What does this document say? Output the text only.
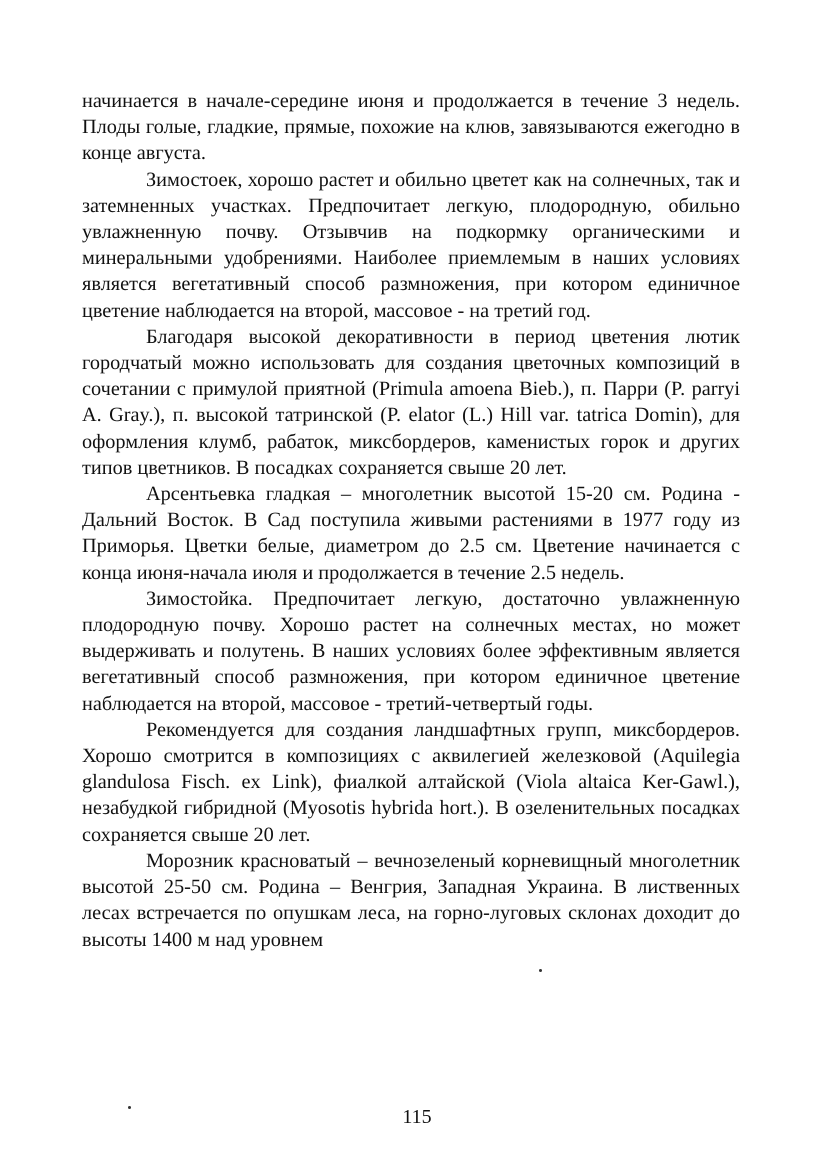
начинается в начале-середине июня и продолжается в течение 3 недель. Плоды голые, гладкие, прямые, похожие на клюв, завязываются ежегодно в конце августа.

Зимостоек, хорошо растет и обильно цветет как на солнечных, так и затемненных участках. Предпочитает легкую, плодородную, обильно увлажненную почву. Отзывчив на подкормку органическими и минеральными удобрениями. Наиболее приемлемым в наших условиях является вегетативный способ размножения, при котором единичное цветение наблюдается на второй, массовое - на третий год.

Благодаря высокой декоративности в период цветения лютик городчатый можно использовать для создания цветочных композиций в сочетании с примулой приятной (Primula amoena Bieb.), п. Парри (P. parryi A. Gray.), п. высокой татринской (P. elator (L.) Hill var. tatrica Domin), для оформления клумб, рабаток, миксбордеров, каменистых горок и других типов цветников. В посадках сохраняется свыше 20 лет.

Арсентьевка гладкая – многолетник высотой 15-20 см. Родина - Дальний Восток. В Сад поступила живыми растениями в 1977 году из Приморья. Цветки белые, диаметром до 2.5 см. Цветение начинается с конца июня-начала июля и продолжается в течение 2.5 недель.

Зимостойка. Предпочитает легкую, достаточно увлажненную плодородную почву. Хорошо растет на солнечных местах, но может выдерживать и полутень. В наших условиях более эффективным является вегетативный способ размножения, при котором единичное цветение наблюдается на второй, массовое - третий-четвертый годы.

Рекомендуется для создания ландшафтных групп, миксбордеров. Хорошо смотрится в композициях с аквилегией железковой (Aquilegia glandulosa Fisch. ex Link), фиалкой алтайской (Viola altaica Ker-Gawl.), незабудкой гибридной (Myosotis hybrida hort.). В озеленительных посадках сохраняется свыше 20 лет.

Морозник красноватый – вечнозеленый корневищный многолетник высотой 25-50 см. Родина – Венгрия, Западная Украина. В лиственных лесах встречается по опушкам леса, на горно-луговых склонах доходит до высоты 1400 м над уровнем

115
